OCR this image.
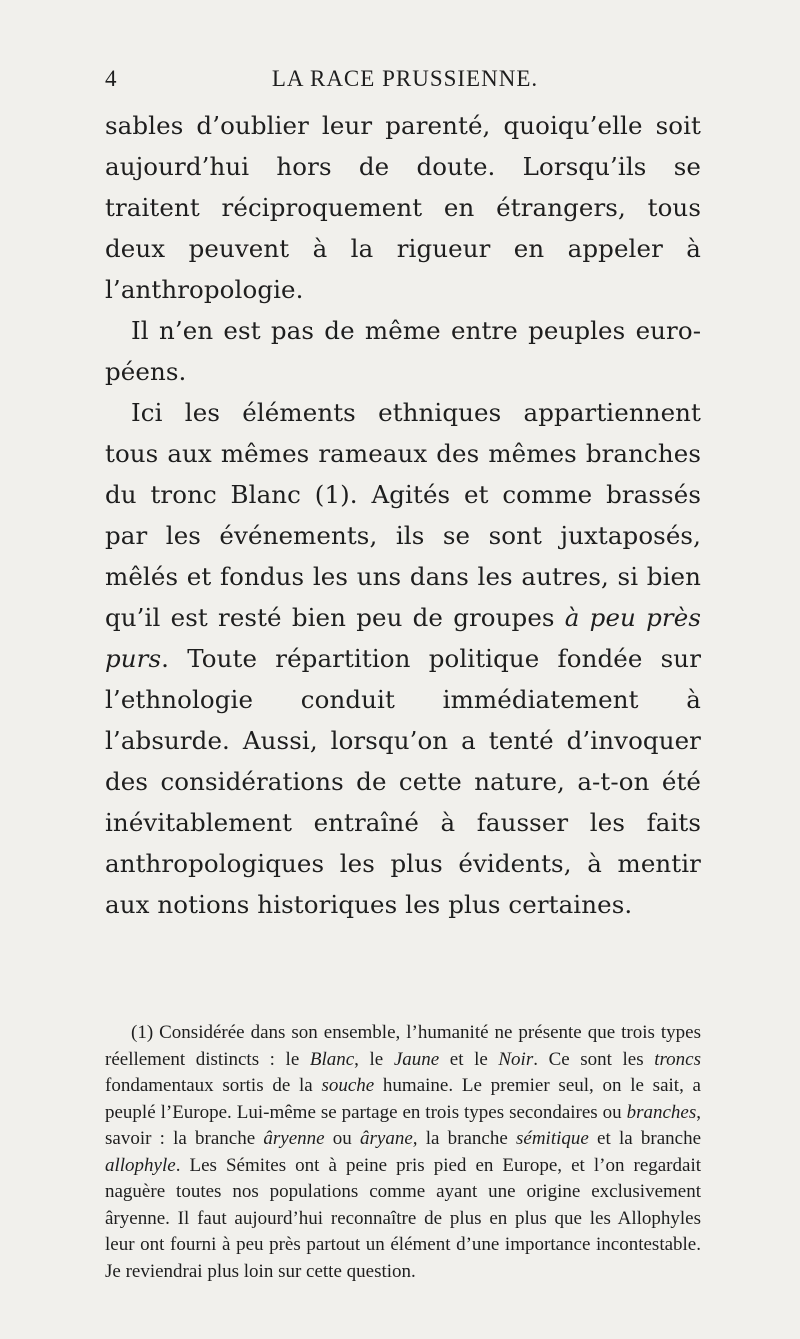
4	LA RACE PRUSSIENNE.

sables d’oublier leur parenté, quoiqu’elle soit aujourd’hui hors de doute. Lorsqu’ils se traitent réciproquement en étrangers, tous deux peuvent à la rigueur en appeler à l’anthropologie.

Il n’en est pas de même entre peuples européens.

Ici les éléments ethniques appartiennent tous aux mêmes rameaux des mêmes branches du tronc Blanc (1). Agités et comme brassés par les événements, ils se sont juxtaposés, mêlés et fondus les uns dans les autres, si bien qu’il est resté bien peu de groupes à peu près purs. Toute répartition politique fondée sur l’ethnologie conduit immédiatement à l’absurde. Aussi, lorsqu’on a tenté d’invoquer des considérations de cette nature, a-t-on été inévitablement entraîné à fausser les faits anthropologiques les plus évidents, à mentir aux notions historiques les plus certaines.

(1) Considérée dans son ensemble, l’humanité ne présente que trois types réellement distincts : le Blanc, le Jaune et le Noir. Ce sont les troncs fondamentaux sortis de la souche humaine. Le premier seul, on le sait, a peuplé l’Europe. Lui-même se partage en trois types secondaires ou branches, savoir : la branche âryenne ou âryane, la branche sémitique et la branche allophyle. Les Sémites ont à peine pris pied en Europe, et l’on regardait naguère toutes nos populations comme ayant une origine exclusivement âryenne. Il faut aujourd’hui reconnaître de plus en plus que les Allophyles leur ont fourni à peu près partout un élément d’une importance incontestable. Je reviendrai plus loin sur cette question.
